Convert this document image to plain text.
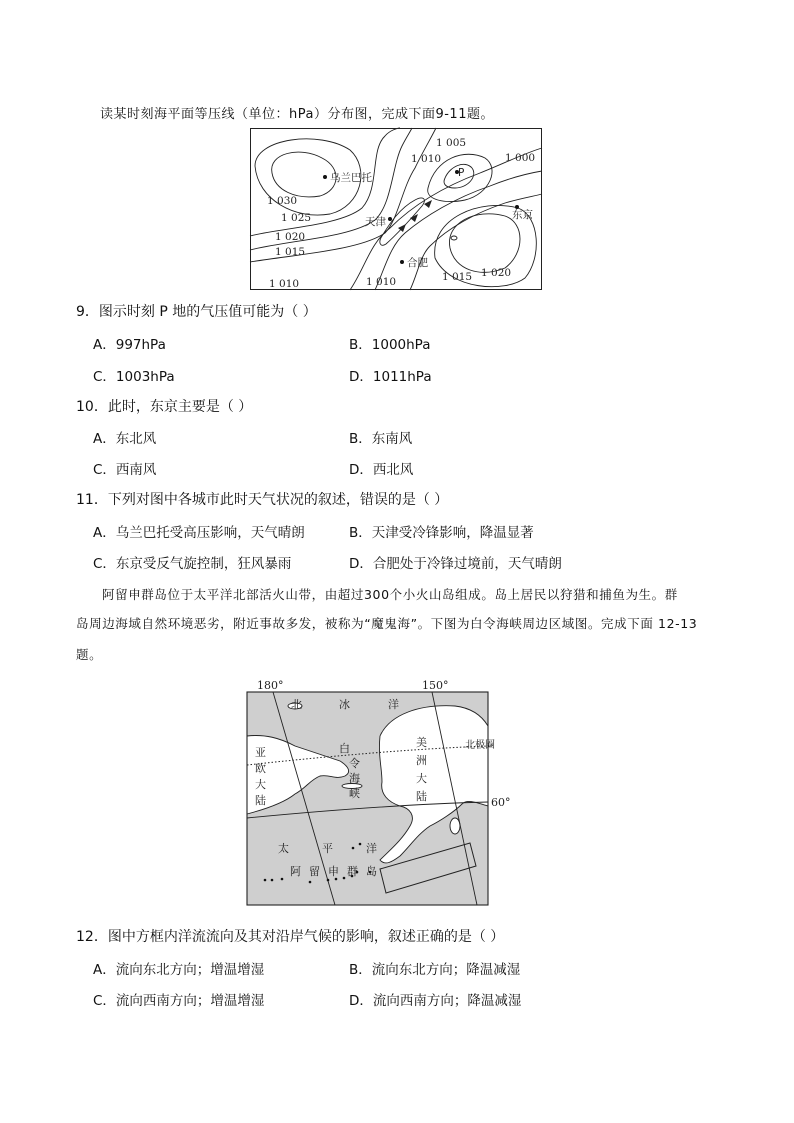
读某时刻海平面等压线（单位：hPa）分布图，完成下面9-11题。
乌兰巴托
天津
合肥
P
东京
1 030
1 025
1 020
1 015
1 010	1 010
1 010
1 005
1 000
1 015 1 020
9．图示时刻 P 地的气压值可能为（ ）
A．997hPa	B．1000hPa
C．1003hPa	D．1011hPa
10．此时，东京主要是（ ）
A．东北风	B．东南风
C．西南风	D．西北风
11．下列对图中各城市此时天气状况的叙述，错误的是（ ）
A．乌兰巴托受高压影响，天气晴朗	B．天津受冷锋影响，降温显著
C．东京受反气旋控制，狂风暴雨	D．合肥处于冷锋过境前，天气晴朗
阿留申群岛位于太平洋北部活火山带，由超过300个小火山岛组成。岛上居民以狩猎和捕鱼为生。群
岛周边海域自然环境恶劣，附近事故多发，被称为“魔鬼海”。下图为白令海峡周边区域图。完成下面 12-13
题。
180°	150°
60°
北极圈
北	冰	洋
亚
欧
大
陆
美
洲
大
陆
白
令
海
峡
太	平	洋
阿 留 申 群 岛
12．图中方框内洋流流向及其对沿岸气候的影响，叙述正确的是（ ）
A．流向东北方向；增温增湿	B．流向东北方向；降温减湿
C．流向西南方向；增温增湿	D．流向西南方向；降温减湿
